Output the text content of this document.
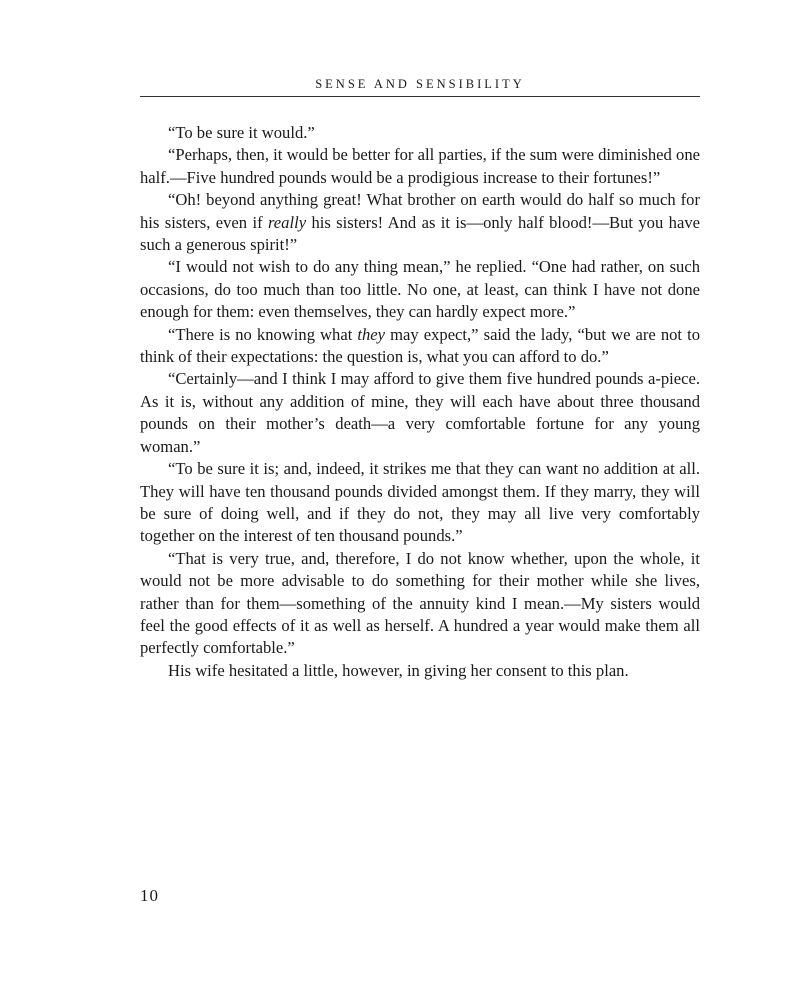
SENSE AND SENSIBILITY

“To be sure it would.”

“Perhaps, then, it would be better for all parties, if the sum were diminished one half.—Five hundred pounds would be a prodigious increase to their fortunes!”

“Oh! beyond anything great! What brother on earth would do half so much for his sisters, even if really his sisters! And as it is—only half blood!—But you have such a generous spirit!”

“I would not wish to do any thing mean,” he replied. “One had rather, on such occasions, do too much than too little. No one, at least, can think I have not done enough for them: even themselves, they can hardly expect more.”

“There is no knowing what they may expect,” said the lady, “but we are not to think of their expectations: the question is, what you can afford to do.”

“Certainly—and I think I may afford to give them five hundred pounds a-piece. As it is, without any addition of mine, they will each have about three thousand pounds on their mother’s death—a very comfortable fortune for any young woman.”

“To be sure it is; and, indeed, it strikes me that they can want no addition at all. They will have ten thousand pounds divided amongst them. If they marry, they will be sure of doing well, and if they do not, they may all live very comfortably together on the interest of ten thousand pounds.”

“That is very true, and, therefore, I do not know whether, upon the whole, it would not be more advisable to do something for their mother while she lives, rather than for them—something of the annuity kind I mean.—My sisters would feel the good effects of it as well as herself. A hundred a year would make them all perfectly comfortable.”

His wife hesitated a little, however, in giving her consent to this plan.

10
